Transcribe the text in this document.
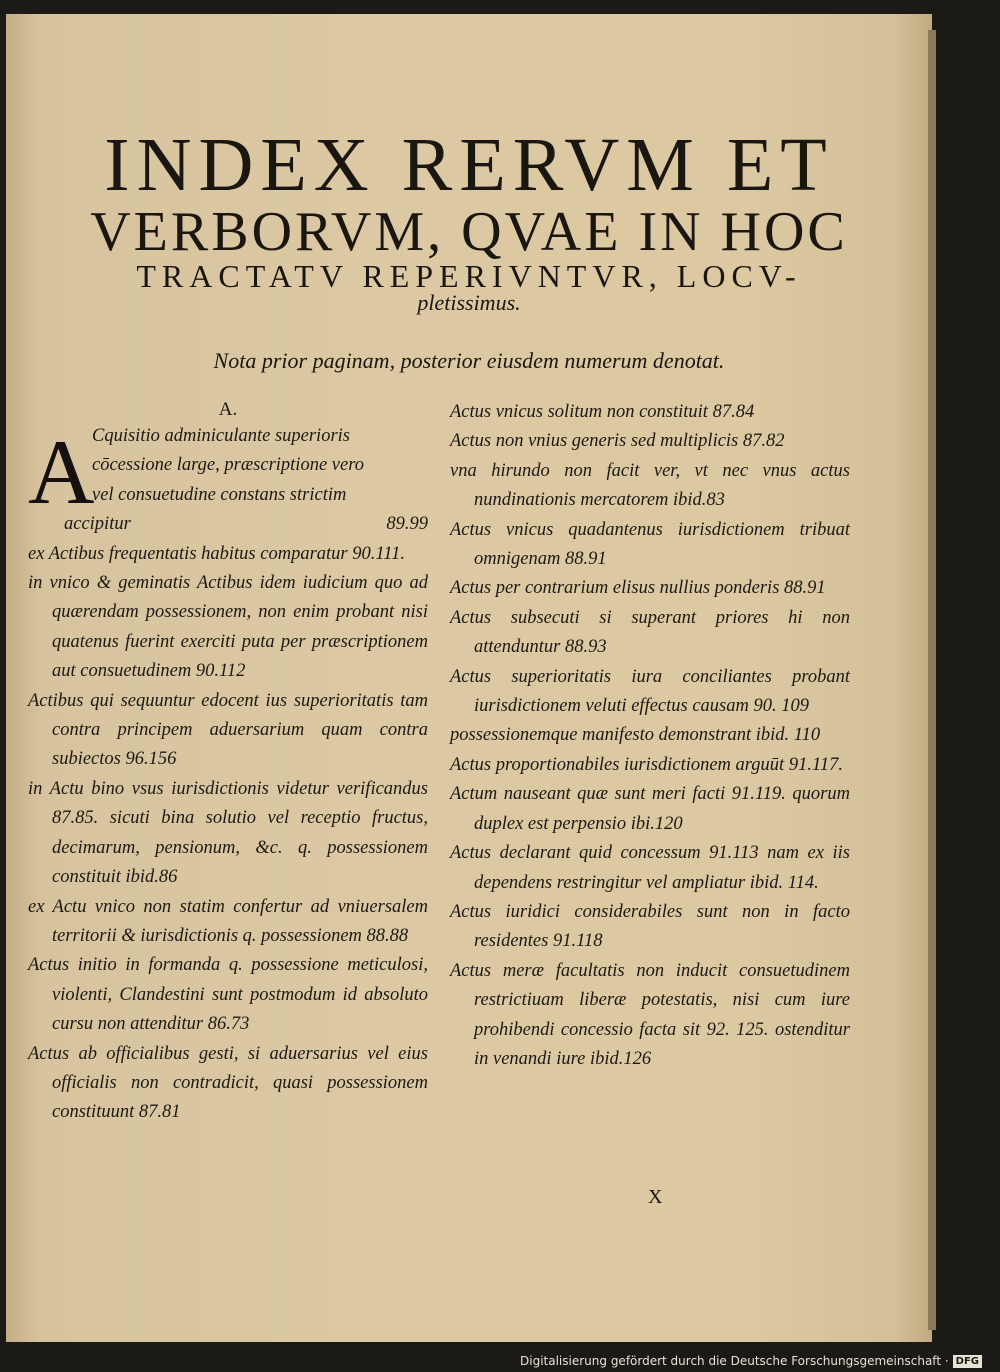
INDEX RERVM ET
VERBORVM, QVAE IN HOC
TRACTATV REPERIVNTVR, LOCV-
pletissimus.
Nota prior paginam, posterior eiusdem numerum denotat.
A.
A
Cquisitio adminiculante superioris
cōcessione large, præscriptione vero
vel consuetudine constans strictim

accipitur	89.99

ex Actibus frequentatis habitus comparatur 90.111.

in vnico & geminatis Actibus idem iudicium quo ad quærendam possessionem, non enim probant nisi quatenus fuerint exerciti puta per præscriptionem aut consuetudinem 90.112

Actibus qui sequuntur edocent ius superioritatis tam contra principem aduersarium quam contra subiectos 96.156

in Actu bino vsus iurisdictionis videtur verificandus 87.85. sicuti bina solutio vel receptio fructus, decimarum, pensionum, &c. q. possessionem constituit ibid.86

ex Actu vnico non statim confertur ad vniuersalem territorii & iurisdictionis q. possessionem 88.88

Actus initio in formanda q. possessione meticulosi, violenti, Clandestini sunt postmodum id absoluto cursu non attenditur 86.73

Actus ab officialibus gesti, si aduersarius vel eius officialis non contradicit, quasi possessionem constituunt 87.81

Actus vnicus solitum non constituit 87.84

Actus non vnius generis sed multiplicis 87.82

vna hirundo non facit ver, vt nec vnus actus nundinationis mercatorem ibid.83

Actus vnicus quadantenus iurisdictionem tribuat omnigenam 88.91

Actus per contrarium elisus nullius ponderis 88.91

Actus subsecuti si superant priores hi non attenduntur 88.93

Actus superioritatis iura conciliantes probant iurisdictionem veluti effectus causam 90. 109

possessionemque manifesto demonstrant ibid. 110

Actus proportionabiles iurisdictionem arguūt 91.117.

Actum nauseant quæ sunt meri facti 91.119. quorum duplex est perpensio ibi.120

Actus declarant quid concessum 91.113 nam ex iis dependens restringitur vel ampliatur ibid. 114.

Actus iuridici considerabiles sunt non in facto residentes 91.118

Actus meræ facultatis non inducit consuetudinem restrictiuam liberæ potestatis, nisi cum iure prohibendi concessio facta sit 92. 125. ostenditur in venandi iure ibid.126

X
Digitalisierung gefördert durch die Deutsche Forschungsgemeinschaft · DFG
